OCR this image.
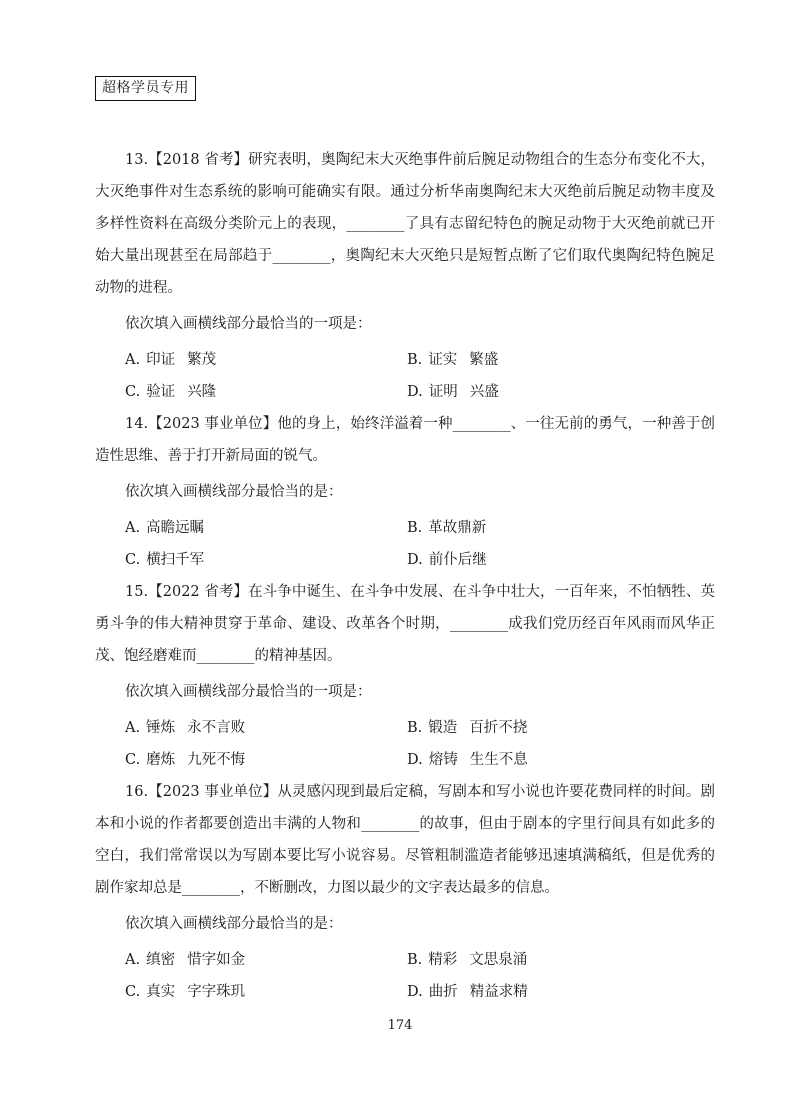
超格学员专用

13.【2018 省考】研究表明，奥陶纪末大灭绝事件前后腕足动物组合的生态分布变化不大，大灭绝事件对生态系统的影响可能确实有限。通过分析华南奥陶纪末大灭绝前后腕足动物丰度及多样性资料在高级分类阶元上的表现，________了具有志留纪特色的腕足动物于大灭绝前就已开始大量出现甚至在局部趋于________，奥陶纪末大灭绝只是短暂点断了它们取代奥陶纪特色腕足动物的进程。

依次填入画横线部分最恰当的一项是：

A. 印证 繁茂	B. 证实 繁盛
C. 验证 兴隆	D. 证明 兴盛

14.【2023 事业单位】他的身上，始终洋溢着一种________、一往无前的勇气，一种善于创造性思维、善于打开新局面的锐气。

依次填入画横线部分最恰当的是：

A. 高瞻远瞩	B. 革故鼎新
C. 横扫千军	D. 前仆后继

15.【2022 省考】在斗争中诞生、在斗争中发展、在斗争中壮大，一百年来，不怕牺牲、英勇斗争的伟大精神贯穿于革命、建设、改革各个时期，________成我们党历经百年风雨而风华正茂、饱经磨难而________的精神基因。

依次填入画横线部分最恰当的一项是：

A. 锤炼 永不言败	B. 锻造 百折不挠
C. 磨炼 九死不悔	D. 熔铸 生生不息

16.【2023 事业单位】从灵感闪现到最后定稿，写剧本和写小说也许要花费同样的时间。剧本和小说的作者都要创造出丰满的人物和________的故事，但由于剧本的字里行间具有如此多的空白，我们常常误以为写剧本要比写小说容易。尽管粗制滥造者能够迅速填满稿纸，但是优秀的剧作家却总是________，不断删改，力图以最少的文字表达最多的信息。

依次填入画横线部分最恰当的是：

A. 缜密 惜字如金	B. 精彩 文思泉涌
C. 真实 字字珠玑	D. 曲折 精益求精
174
